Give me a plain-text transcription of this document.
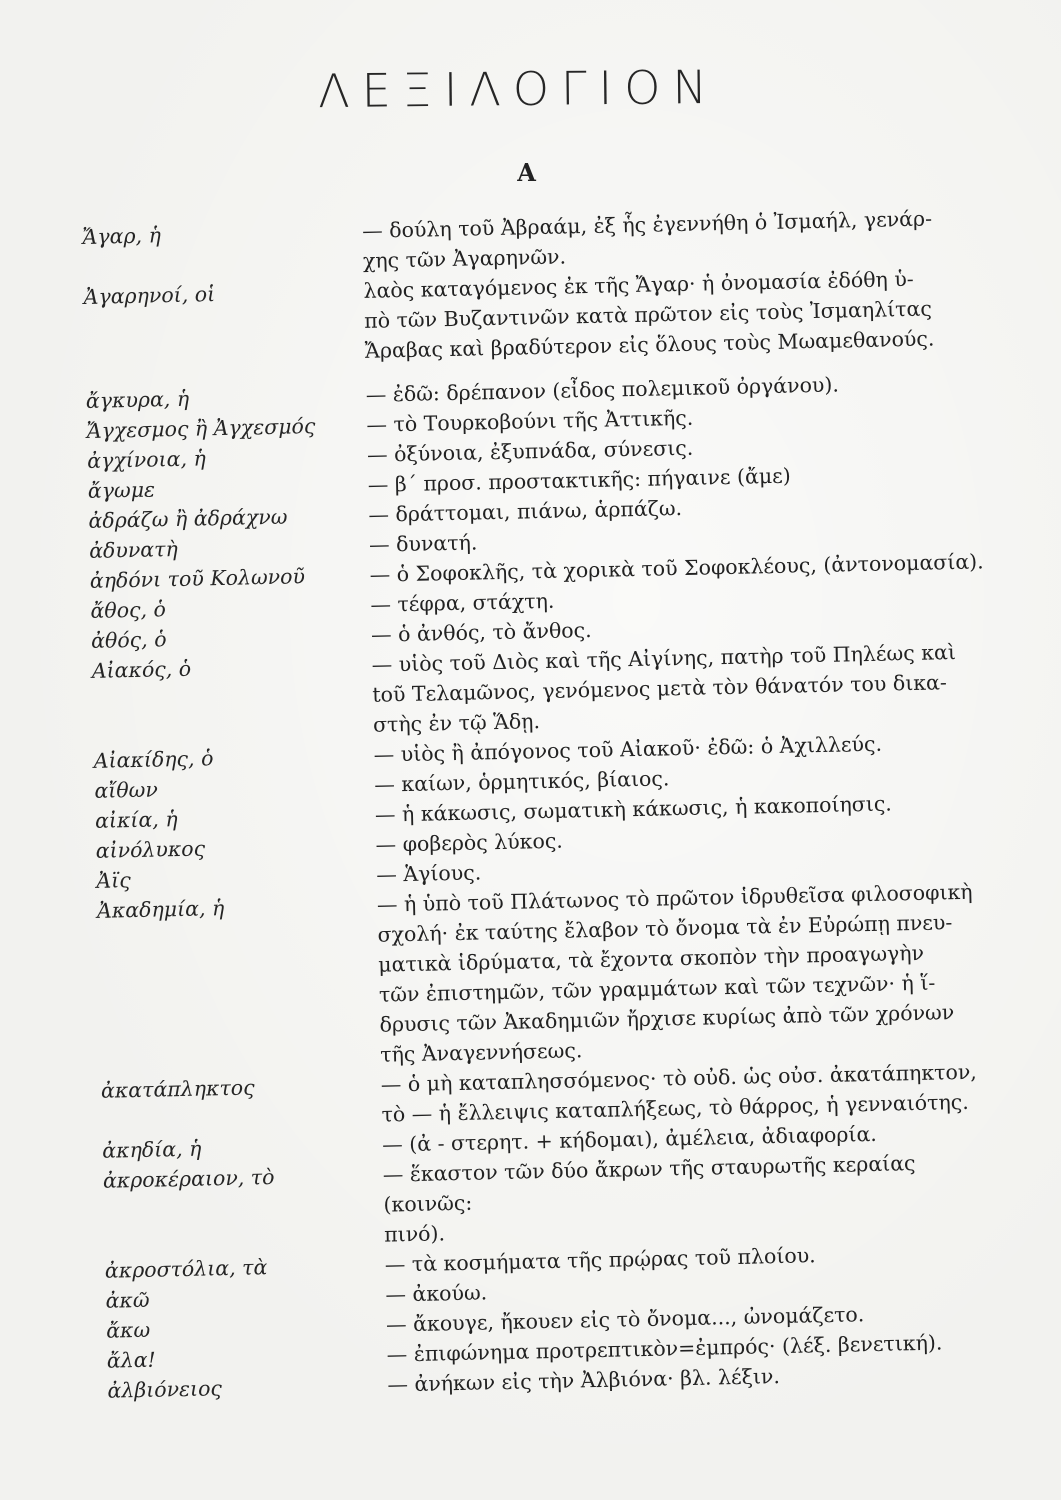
ΛΕΞΙΛΟΓΙΟΝ
Α
Ἄγαρ, ἡ	— δούλη τοῦ Ἀβραάμ, ἐξ ἧς ἐγεννήθη ὁ Ἰσμαήλ, γενάρ-
χης τῶν Ἀγαρηνῶν.
Ἀγαρηνοί, οἱ	λαὸς καταγόμενος ἐκ τῆς Ἄγαρ· ἡ ὀνομασία ἐδόθη ὑ-
πὸ τῶν Βυζαντινῶν κατὰ πρῶτον εἰς τοὺς Ἰσμαηλίτας
Ἄραβας καὶ βραδύτερον εἰς ὅλους τοὺς Μωαμεθανούς.
ἄγκυρα, ἡ	— ἐδῶ: δρέπανον (εἶδος πολεμικοῦ ὀργάνου).
Ἄγχεσμος ἢ Ἀγχεσμός	— τὸ Τουρκοβούνι τῆς Ἀττικῆς.
ἀγχίνοια, ἡ	— ὀξύνοια, ἐξυπνάδα, σύνεσις.
ἄγωμε	— β΄ προσ. προστακτικῆς: πήγαινε (ἄμε)
ἀδράζω ἢ ἀδράχνω	— δράττομαι, πιάνω, ἁρπάζω.
ἀδυνατὴ	— δυνατή.
ἀηδόνι τοῦ Κολωνοῦ	— ὁ Σοφοκλῆς, τὰ χορικὰ τοῦ Σοφοκλέους, (ἀντονομασία).
ἄθος, ὁ	— τέφρα, στάχτη.
ἀθός, ὁ	— ὁ ἀνθός, τὸ ἄνθος.
Αἰακός, ὁ	— υἱὸς τοῦ Διὸς καὶ τῆς Αἰγίνης, πατὴρ τοῦ Πηλέως καὶ
tοῦ Τελαμῶνος, γενόμενος μετὰ τὸν θάνατόν του δικα-
στὴς ἐν τῷ Ἅδῃ.
Αἰακίδης, ὁ	— υἱὸς ἢ ἀπόγονος τοῦ Αἰακοῦ· ἐδῶ: ὁ Ἀχιλλεύς.
αἴθων	— καίων, ὁρμητικός, βίαιος.
αἰκία, ἡ	— ἡ κάκωσις, σωματικὴ κάκωσις, ἡ κακοποίησις.
αἰνόλυκος	— φοβερὸς λύκος.
Ἀϊς	— Ἁγίους.
Ἀκαδημία, ἡ	— ἡ ὑπὸ τοῦ Πλάτωνος τὸ πρῶτον ἱδρυθεῖσα φιλοσοφικὴ
σχολή· ἐκ ταύτης ἔλαβον τὸ ὄνομα τὰ ἐν Εὐρώπῃ πνευ-
ματικὰ ἱδρύματα, τὰ ἔχοντα σκοπὸν τὴν προαγωγὴν
τῶν ἐπιστημῶν, τῶν γραμμάτων καὶ τῶν τεχνῶν· ἡ ἵ-
δρυσις τῶν Ἀκαδημιῶν ἤρχισε κυρίως ἀπὸ τῶν χρόνων
τῆς Ἀναγεννήσεως.
ἀκατάπληκτος	— ὁ μὴ καταπλησσόμενος· τὸ οὐδ. ὡς οὐσ. ἀκατάπηκτον,
τὸ — ἡ ἔλλειψις καταπλήξεως, τὸ θάρρος, ἡ γενναιότης.
ἀκηδία, ἡ	— (ἀ - στερητ. + κήδομαι), ἀμέλεια, ἀδιαφορία.
ἀκροκέραιον, τὸ	— ἕκαστον τῶν δύο ἄκρων τῆς σταυρωτῆς κεραίας (κοινῶς:
πινό).
ἀκροστόλια, τὰ	— τὰ κοσμήματα τῆς πρῴρας τοῦ πλοίου.
ἀκῶ	— ἀκούω.
ἄκω	— ἄκουγε, ἤκουεν εἰς τὸ ὄνομα..., ὠνομάζετο.
ἄλα!	— ἐπιφώνημα προτρεπτικὸν=ἐμπρός· (λέξ. βενετική).
ἀλβιόνειος	— ἀνήκων εἰς τὴν Ἀλβιόνα· βλ. λέξιν.
